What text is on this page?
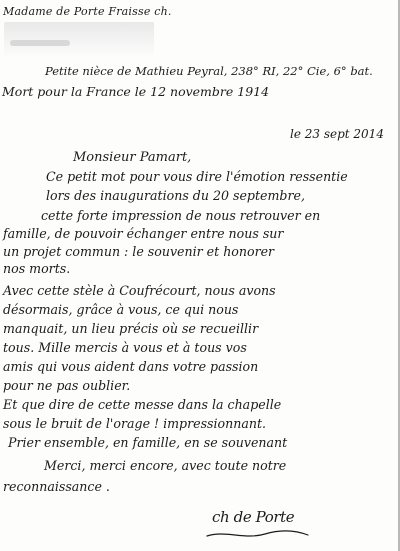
Madame de Porte Fraisse ch.
Petite nièce de Mathieu Peyral, 238° RI, 22° Cie, 6° bat.
Mort pour la France le 12 novembre 1914
le 23 sept 2014
Monsieur Pamart,
Ce petit mot pour vous dire l'émotion ressentie
lors des inaugurations du 20 septembre,
cette forte impression de nous retrouver en
famille, de pouvoir échanger entre nous sur
un projet commun : le souvenir et honorer
nos morts.
Avec cette stèle à Coufrécourt, nous avons
désormais, grâce à vous, ce qui nous
manquait, un lieu précis où se recueillir
tous. Mille mercis à vous et à tous vos
amis qui vous aident dans votre passion
pour ne pas oublier.
Et que dire de cette messe dans la chapelle
sous le bruit de l'orage ! impressionnant.
Prier ensemble, en famille, en se souvenant
Merci, merci encore, avec toute notre
reconnaissance .
ch de Porte
